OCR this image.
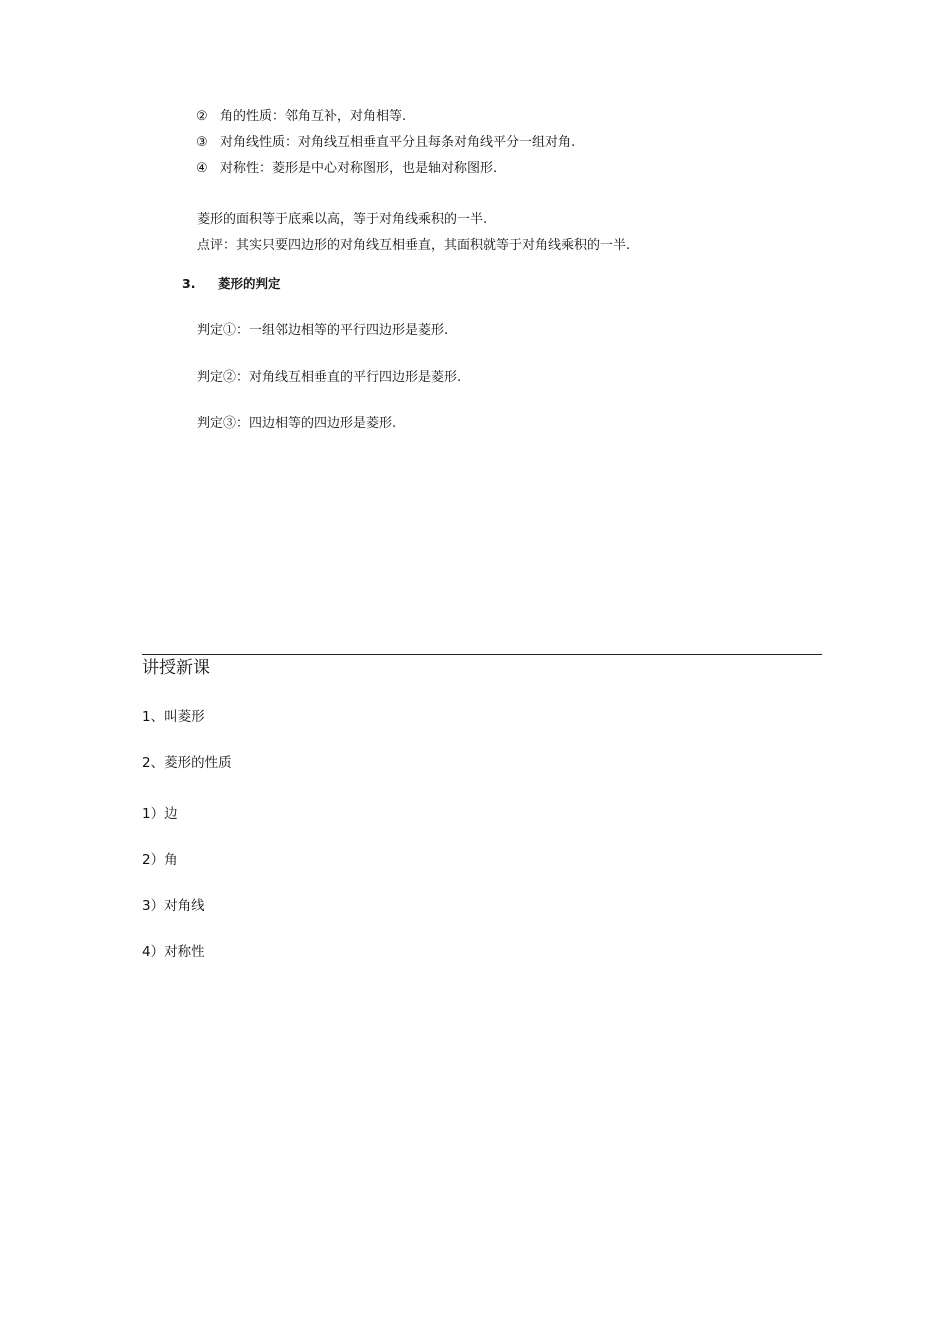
② 角的性质：邻角互补，对角相等.
③ 对角线性质：对角线互相垂直平分且每条对角线平分一组对角.
④ 对称性：菱形是中心对称图形，也是轴对称图形.
菱形的面积等于底乘以高，等于对角线乘积的一半.
点评：其实只要四边形的对角线互相垂直，其面积就等于对角线乘积的一半.
3. 菱形的判定
判定①：一组邻边相等的平行四边形是菱形.
判定②：对角线互相垂直的平行四边形是菱形.
判定③：四边相等的四边形是菱形.
讲授新课
1、叫菱形
2、菱形的性质
1）边
2）角
3）对角线
4）对称性
